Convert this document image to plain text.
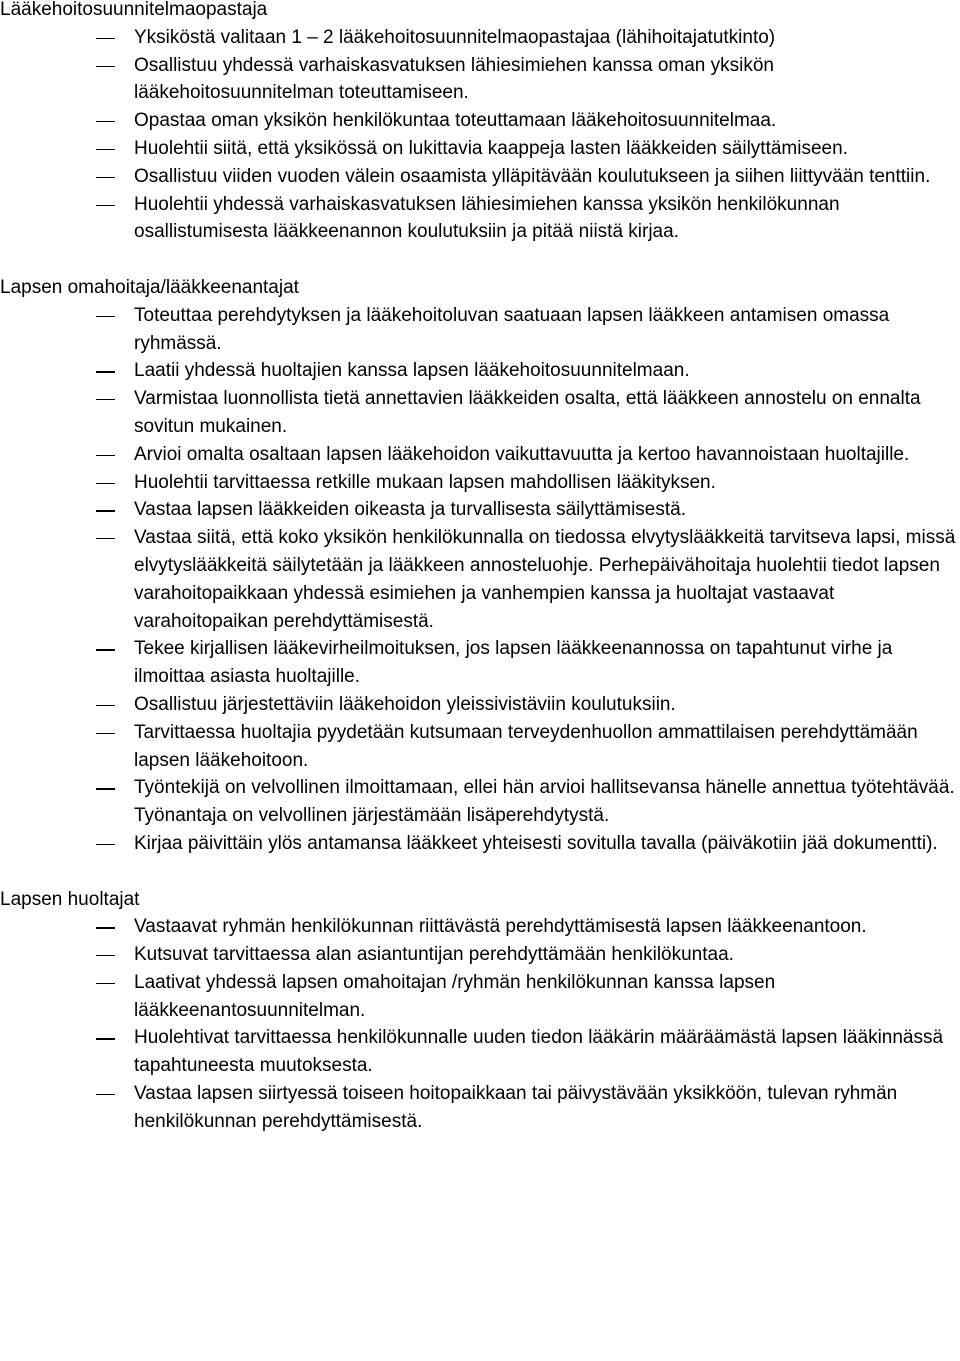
Lääkehoitosuunnitelmaopastaja
Yksiköstä valitaan 1 – 2 lääkehoitosuunnitelmaopastajaa (lähihoitajatutkinto)
Osallistuu yhdessä varhaiskasvatuksen lähiesimiehen kanssa oman yksikön lääkehoitosuunnitelman toteuttamiseen.
Opastaa oman yksikön henkilökuntaa toteuttamaan lääkehoitosuunnitelmaa.
Huolehtii siitä, että yksikössä on lukittavia kaappeja lasten lääkkeiden säilyttämiseen.
Osallistuu viiden vuoden välein osaamista ylläpitävään koulutukseen ja siihen liittyvään tenttiin.
Huolehtii yhdessä varhaiskasvatuksen lähiesimiehen kanssa yksikön henkilökunnan osallistumisesta lääkkeenannon koulutuksiin ja pitää niistä kirjaa.
Lapsen omahoitaja/lääkkeenantajat
Toteuttaa perehdytyksen ja lääkehoitoluvan saatuaan lapsen lääkkeen antamisen omassa ryhmässä.
Laatii yhdessä huoltajien kanssa lapsen lääkehoitosuunnitelmaan.
Varmistaa luonnollista tietä annettavien lääkkeiden osalta, että lääkkeen annostelu on ennalta sovitun mukainen.
Arvioi omalta osaltaan lapsen lääkehoidon vaikuttavuutta ja kertoo havannoistaan huoltajille.
Huolehtii tarvittaessa retkille mukaan lapsen mahdollisen lääkityksen.
Vastaa lapsen lääkkeiden oikeasta ja turvallisesta säilyttämisestä.
Vastaa siitä, että koko yksikön henkilökunnalla on tiedossa elvytyslääkkeitä tarvitseva lapsi, missä elvytyslääkkeitä säilytetään ja lääkkeen annosteluohje. Perhepäivähoitaja huolehtii tiedot lapsen varahoitopaikkaan yhdessä esimiehen ja vanhempien kanssa ja huoltajat vastaavat varahoitopaikan perehdyttämisestä.
Tekee kirjallisen lääkevirheilmoituksen, jos lapsen lääkkeenannossa on tapahtunut virhe ja ilmoittaa asiasta huoltajille.
Osallistuu järjestettäviin lääkehoidon yleissivistäviin koulutuksiin.
Tarvittaessa huoltajia pyydetään kutsumaan terveydenhuollon ammattilaisen perehdyttämään lapsen lääkehoitoon.
Työntekijä on velvollinen ilmoittamaan, ellei hän arvioi hallitsevansa hänelle annettua työtehtävää. Työnantaja on velvollinen järjestämään lisäperehdytystä.
Kirjaa päivittäin ylös antamansa lääkkeet yhteisesti sovitulla tavalla (päiväkotiin jää dokumentti).
Lapsen huoltajat
Vastaavat ryhmän henkilökunnan riittävästä perehdyttämisestä lapsen lääkkeenantoon.
Kutsuvat tarvittaessa alan asiantuntijan perehdyttämään henkilökuntaa.
Laativat yhdessä lapsen omahoitajan /ryhmän henkilökunnan kanssa lapsen lääkkeenantosuunnitelman.
Huolehtivat tarvittaessa henkilökunnalle uuden tiedon lääkärin määräämästä lapsen lääkinnässä tapahtuneesta muutoksesta.
Vastaa lapsen siirtyessä toiseen hoitopaikkaan tai päivystävään yksikköön, tulevan ryhmän henkilökunnan perehdyttämisestä.
